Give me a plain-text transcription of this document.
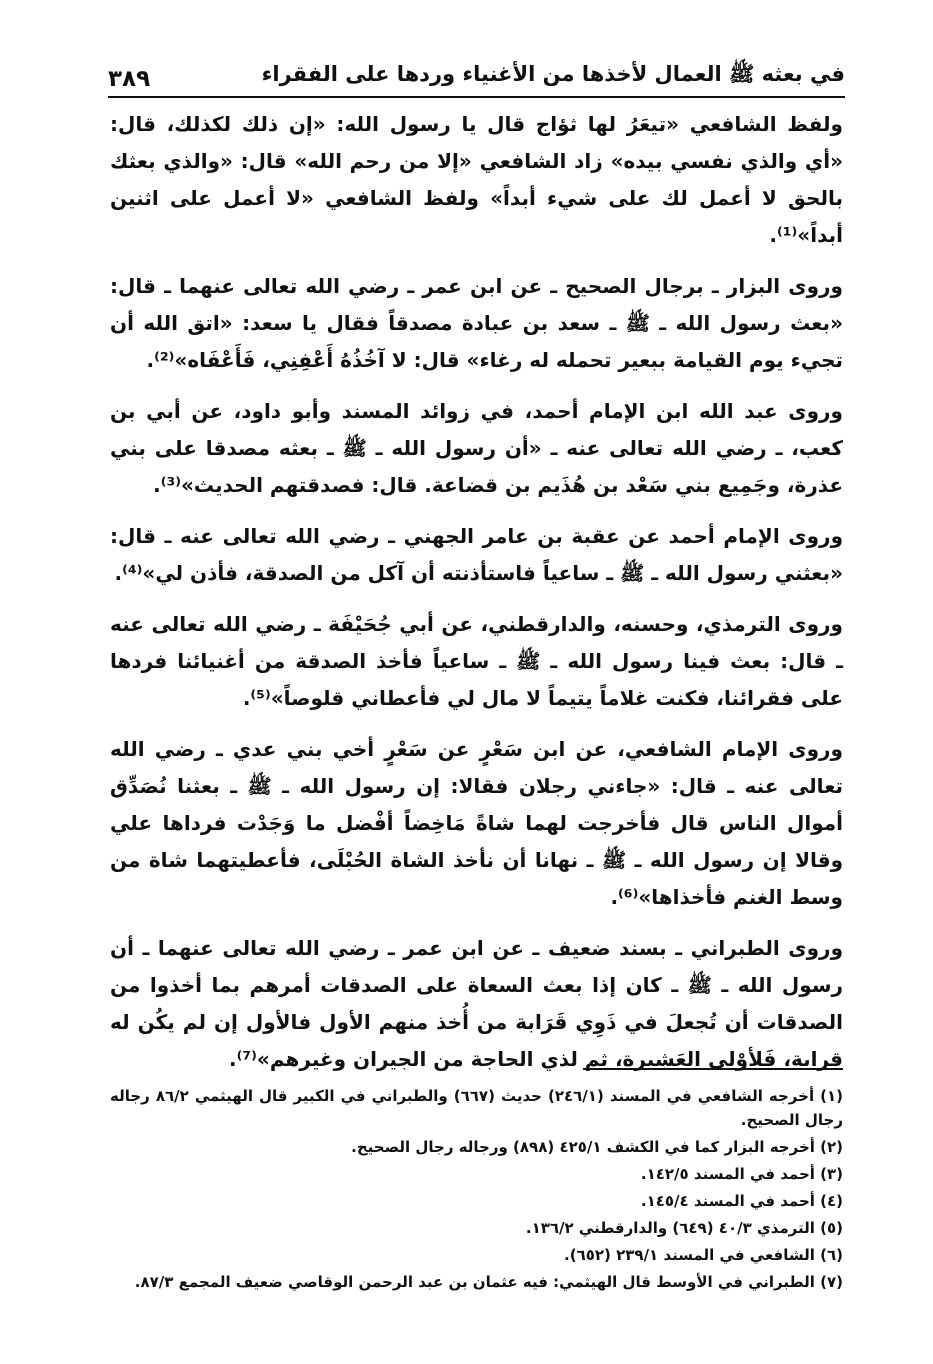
في بعثه ﷺ العمال لأخذها من الأغنياء وردها على الفقراء
٣٨٩

ولفظ الشافعي «تيعَرُ لها ثؤاج قال يا رسول الله: «إن ذلك لكذلك، قال: «أي والذي نفسي بيده» زاد الشافعي «إلا من رحم الله» قال: «والذي بعثك بالحق لا أعمل لك على شيء أبداً» ولفظ الشافعي «لا أعمل على اثنين أبداً»⁽¹⁾.

وروى البزار ـ برجال الصحيح ـ عن ابن عمر ـ رضي الله تعالى عنهما ـ قال: «بعث رسول الله ـ ﷺ ـ سعد بن عبادة مصدقاً فقال يا سعد: «اتق الله أن تجيء يوم القيامة ببعير تحمله له رغاء» قال: لا آخُذُهُ أَعْفِنِي، فَأَعْفَاه»⁽²⁾.

وروى عبد الله ابن الإمام أحمد، في زوائد المسند وأبو داود، عن أبي بن كعب، ـ رضي الله تعالى عنه ـ «أن رسول الله ـ ﷺ ـ بعثه مصدقا على بني عذرة، وجَمِيع بني سَعْد بن هُذَيم بن قضاعة. قال: فصدقتهم الحديث»⁽³⁾.

وروى الإمام أحمد عن عقبة بن عامر الجهني ـ رضي الله تعالى عنه ـ قال: «بعثني رسول الله ـ ﷺ ـ ساعياً فاستأذنته أن آكل من الصدقة، فأذن لي»⁽⁴⁾.

وروى الترمذي، وحسنه، والدارقطني، عن أبي جُحَيْفَة ـ رضي الله تعالى عنه ـ قال: بعث فينا رسول الله ـ ﷺ ـ ساعياً فأخذ الصدقة من أغنيائنا فردها على فقرائنا، فكنت غلاماً يتيماً لا مال لي فأعطاني قلوصاً»⁽⁵⁾.

وروى الإمام الشافعي، عن ابن سَعْرٍ عن سَعْرٍ أخي بني عدي ـ رضي الله تعالى عنه ـ قال: «جاءني رجلان فقالا: إن رسول الله ـ ﷺ ـ بعثنا نُصَدِّق أموال الناس قال فأخرجت لهما شاةً مَاخِضاً أفْضل ما وَجَدْت فرداها علي وقالا إن رسول الله ـ ﷺ ـ نهانا أن نأخذ الشاة الحُبْلَى، فأعطيتهما شاة من وسط الغنم فأخذاها»⁽⁶⁾.

وروى الطبراني ـ بسند ضعيف ـ عن ابن عمر ـ رضي الله تعالى عنهما ـ أن رسول الله ـ ﷺ ـ كان إذا بعث السعاة على الصدقات أمرهم بما أخذوا من الصدقات أن تُجعلَ في ذَوِي قَرَابة من أُخذ منهم الأول فالأول إن لم يكُن له قرابة، فَلأوْلى العَشِيرة، ثم لذي الحاجة من الجيران وغيرهم»⁽⁷⁾.

(١) أخرجه الشافعي في المسند (٢٤٦/١) حديث (٦٦٧) والطبراني في الكبير قال الهيثمي ٨٦/٢ رجاله رجال الصحيح.

(٢) أخرجه البزار كما في الكشف ٤٢٥/١ (٨٩٨) ورجاله رجال الصحيح.

(٣) أحمد في المسند ١٤٢/٥.

(٤) أحمد في المسند ١٤٥/٤.

(٥) الترمذي ٤٠/٣ (٦٤٩) والدارقطني ١٣٦/٢.

(٦) الشافعي في المسند ٢٣٩/١ (٦٥٢).

(٧) الطبراني في الأوسط قال الهيثمي: فيه عثمان بن عبد الرحمن الوقاصي ضعيف المجمع ٨٧/٣.
